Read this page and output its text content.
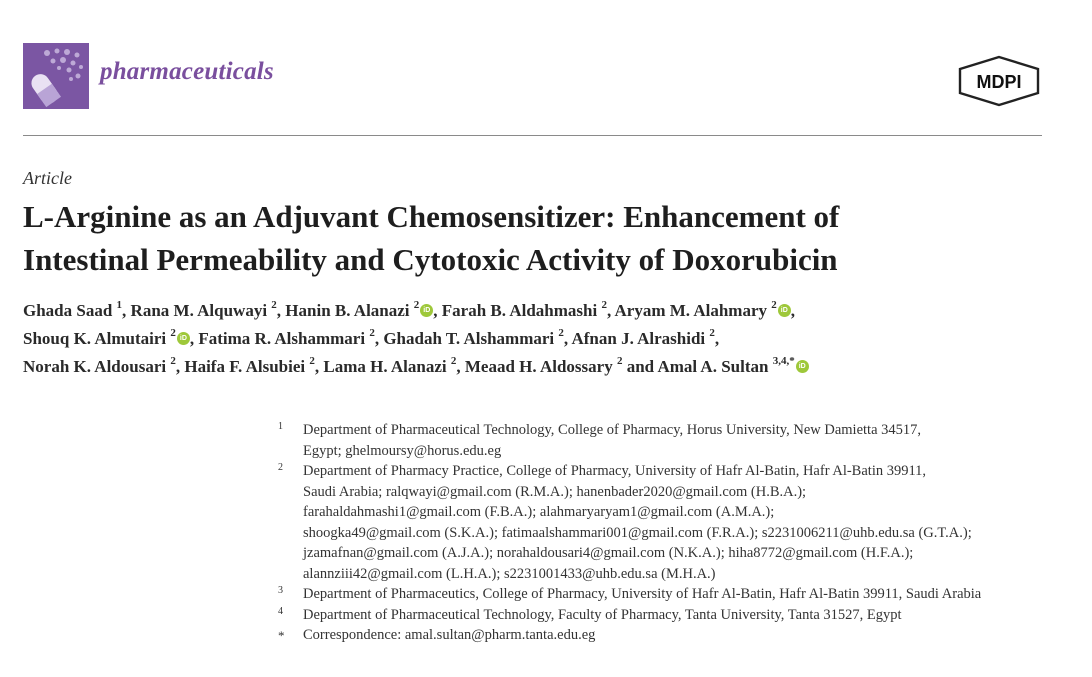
pharmaceuticals	MDPI
Article
L-Arginine as an Adjuvant Chemosensitizer: Enhancement of
Intestinal Permeability and Cytotoxic Activity of Doxorubicin

Ghada Saad $^1$, Rana M. Alquwayi $^2$, Hanin B. Alanazi $^2$ iD , Farah B. Aldahmashi $^2$, Aryam M. Alahmary $^2$ iD ,
Shouq K. Almutairi $^2$ iD , Fatima R. Alshammari $^2$, Ghadah T. Alshammari $^2$, Afnan J. Alrashidi $^2$,
Norah K. Aldousari $^2$, Haifa F. Alsubiei $^2$, Lama H. Alanazi $^2$, Meaad H. Aldossary $^2$ and Amal A. Sultan $^{3,4,*}$ iD

1 Department of Pharmaceutical Technology, College of Pharmacy, Horus University, New Damietta 34517,
Egypt; ghelmoursy@horus.edu.eg
2 Department of Pharmacy Practice, College of Pharmacy, University of Hafr Al-Batin, Hafr Al-Batin 39911,
Saudi Arabia; ralqwayi@gmail.com (R.M.A.); hanenbader2020@gmail.com (H.B.A.);
farahaldahmashi1@gmail.com (F.B.A.); alahmaryaryam1@gmail.com (A.M.A.);
shoogka49@gmail.com (S.K.A.); fatimaalshammari001@gmail.com (F.R.A.); s2231006211@uhb.edu.sa (G.T.A.);
jzamafnan@gmail.com (A.J.A.); norahaldousari4@gmail.com (N.K.A.); hiha8772@gmail.com (H.F.A.);
alannziii42@gmail.com (L.H.A.); s2231001433@uhb.edu.sa (M.H.A.)
3 Department of Pharmaceutics, College of Pharmacy, University of Hafr Al-Batin, Hafr Al-Batin 39911, Saudi Arabia
4 Department of Pharmaceutical Technology, Faculty of Pharmacy, Tanta University, Tanta 31527, Egypt
* Correspondence: amal.sultan@pharm.tanta.edu.eg
